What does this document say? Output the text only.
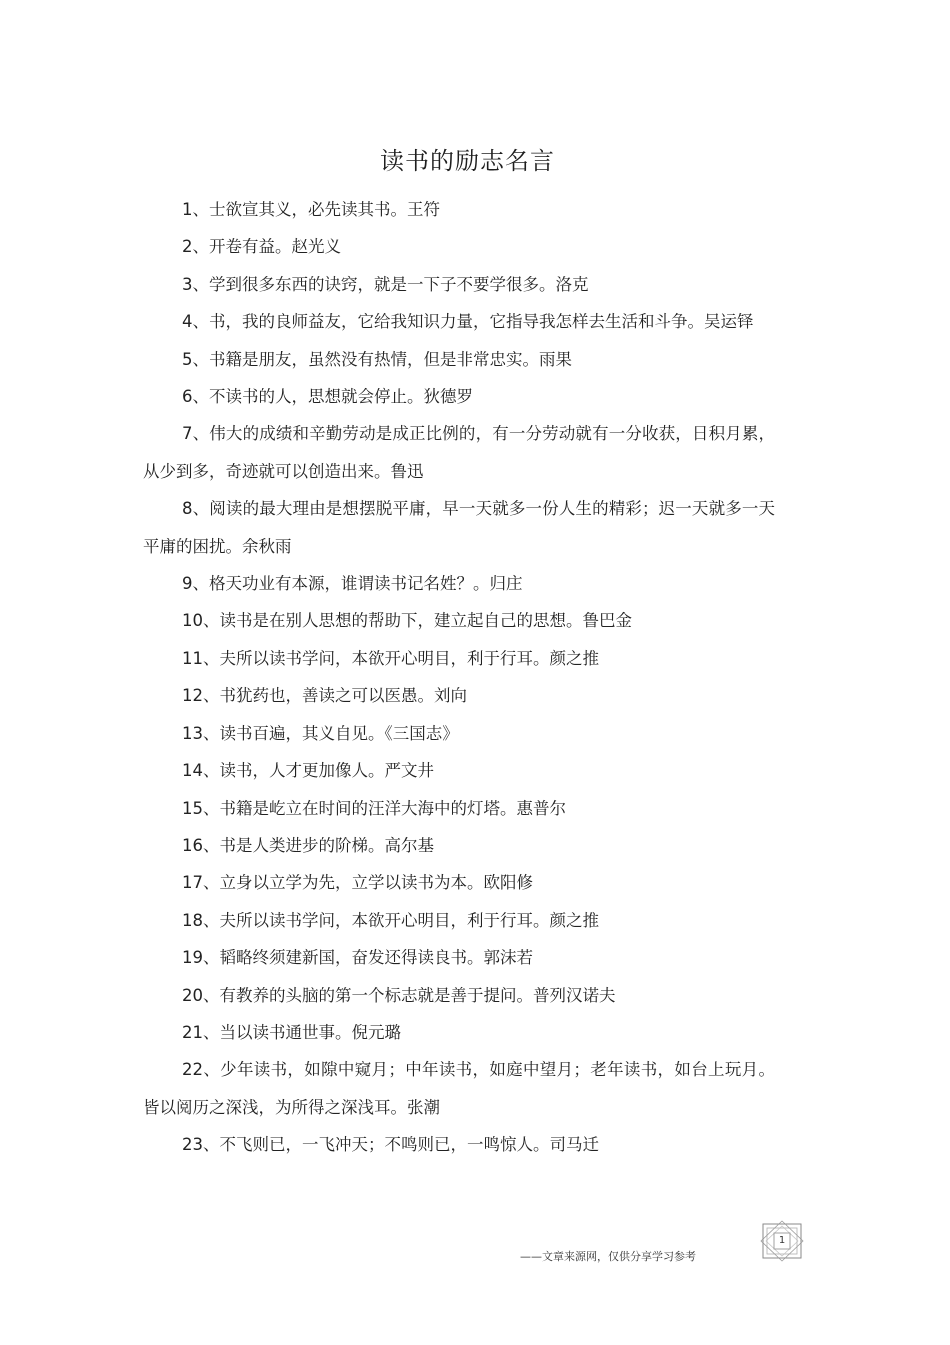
读书的励志名言

1、士欲宣其义，必先读其书。王符

2、开卷有益。赵光义

3、学到很多东西的诀窍，就是一下子不要学很多。洛克

4、书，我的良师益友，它给我知识力量，它指导我怎样去生活和斗争。吴运铎

5、书籍是朋友，虽然没有热情，但是非常忠实。雨果

6、不读书的人，思想就会停止。狄德罗

7、伟大的成绩和辛勤劳动是成正比例的，有一分劳动就有一分收获，日积月累，从少到多，奇迹就可以创造出来。鲁迅

8、阅读的最大理由是想摆脱平庸，早一天就多一份人生的精彩；迟一天就多一天平庸的困扰。余秋雨

9、格天功业有本源，谁谓读书记名姓？。归庄

10、读书是在别人思想的帮助下，建立起自己的思想。鲁巴金

11、夫所以读书学问，本欲开心明目，利于行耳。颜之推

12、书犹药也，善读之可以医愚。刘向

13、读书百遍，其义自见。《三国志》

14、读书，人才更加像人。严文井

15、书籍是屹立在时间的汪洋大海中的灯塔。惠普尔

16、书是人类进步的阶梯。高尔基

17、立身以立学为先，立学以读书为本。欧阳修

18、夫所以读书学问，本欲开心明目，利于行耳。颜之推

19、韬略终须建新国，奋发还得读良书。郭沫若

20、有教养的头脑的第一个标志就是善于提问。普列汉诺夫

21、当以读书通世事。倪元璐

22、少年读书，如隙中窥月；中年读书，如庭中望月；老年读书，如台上玩月。皆以阅历之深浅，为所得之深浅耳。张潮

23、不飞则已，一飞冲天；不鸣则已，一鸣惊人。司马迁

——文章来源网，仅供分享学习参考
1
